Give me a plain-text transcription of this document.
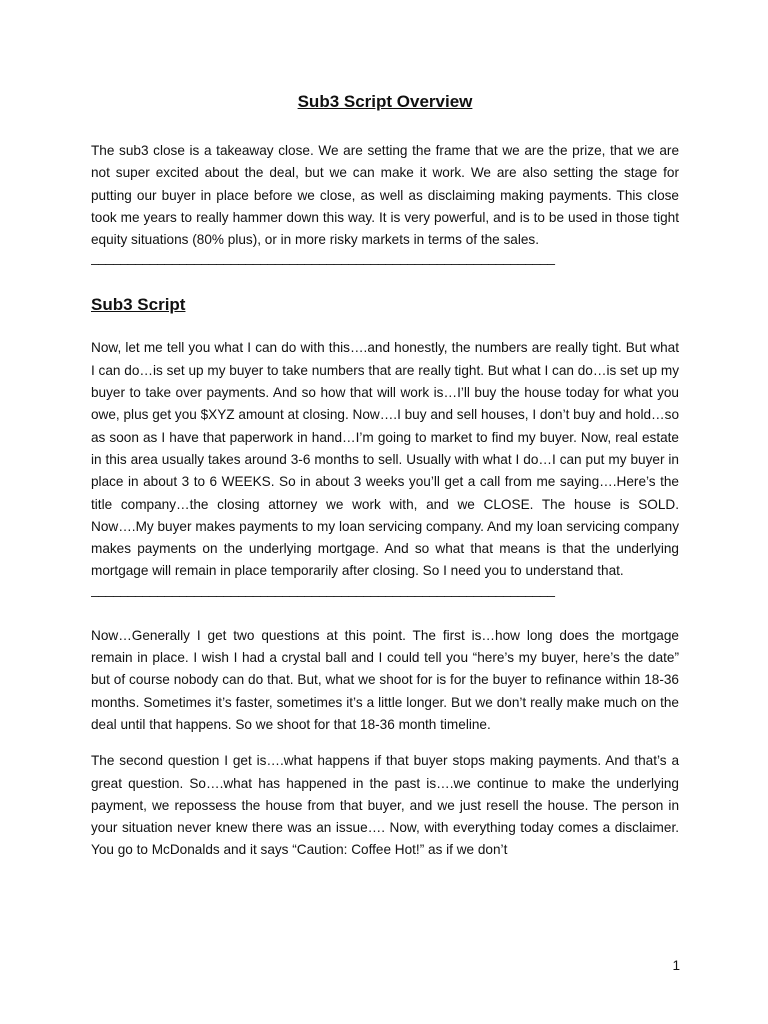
Sub3 Script Overview

The sub3 close is a takeaway close. We are setting the frame that we are the prize, that we are not super excited about the deal, but we can make it work. We are also setting the stage for putting our buyer in place before we close, as well as disclaiming making payments. This close took me years to really hammer down this way. It is very powerful, and is to be used in those tight equity situations (80% plus), or in more risky markets in terms of the sales.

_______________________________________________________________

Sub3 Script

Now, let me tell you what I can do with this….and honestly, the numbers are really tight. But what I can do…is set up my buyer to take numbers that are really tight. But what I can do…is set up my buyer to take over payments. And so how that will work is…I’ll buy the house today for what you owe, plus get you $XYZ amount at closing. Now….I buy and sell houses, I don’t buy and hold…so as soon as I have that paperwork in hand…I’m going to market to find my buyer. Now, real estate in this area usually takes around 3-6 months to sell. Usually with what I do…I can put my buyer in place in about 3 to 6 WEEKS. So in about 3 weeks you’ll get a call from me saying….Here’s the title company…the closing attorney we work with, and we CLOSE. The house is SOLD. Now….My buyer makes payments to my loan servicing company. And my loan servicing company makes payments on the underlying mortgage. And so what that means is that the underlying mortgage will remain in place temporarily after closing. So I need you to understand that.

_______________________________________________________________

Now…Generally I get two questions at this point. The first is…how long does the mortgage remain in place. I wish I had a crystal ball and I could tell you “here’s my buyer, here’s the date” but of course nobody can do that. But, what we shoot for is for the buyer to refinance within 18-36 months. Sometimes it’s faster, sometimes it’s a little longer. But we don’t really make much on the deal until that happens. So we shoot for that 18-36 month timeline.

The second question I get is….what happens if that buyer stops making payments. And that’s a great question. So….what has happened in the past is….we continue to make the underlying payment, we repossess the house from that buyer, and we just resell the house. The person in your situation never knew there was an issue…. Now, with everything today comes a disclaimer. You go to McDonalds and it says “Caution: Coffee Hot!” as if we don’t

1
